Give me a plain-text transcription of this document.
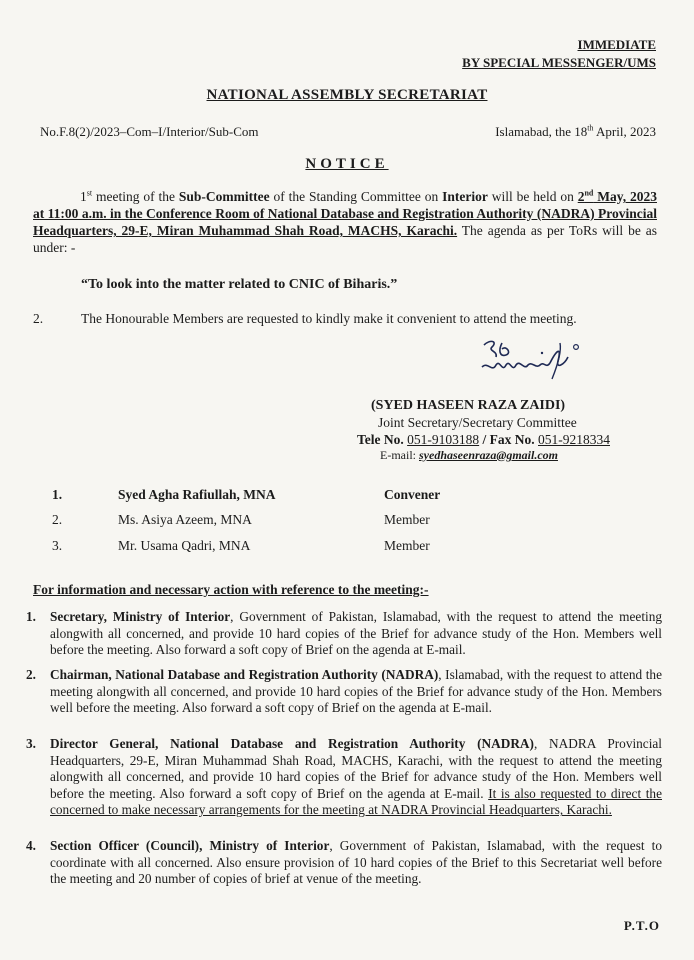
IMMEDIATE
BY SPECIAL MESSENGER/UMS
NATIONAL ASSEMBLY SECRETARIAT
No.F.8(2)/2023–Com–I/Interior/Sub-Com	Islamabad, the 18th April, 2023
NOTICE
1st meeting of the Sub-Committee of the Standing Committee on Interior will be held on 2nd May, 2023 at 11:00 a.m. in the Conference Room of National Database and Registration Authority (NADRA) Provincial Headquarters, 29-E, Miran Muhammad Shah Road, MACHS, Karachi. The agenda as per ToRs will be as under: -
“To look into the matter related to CNIC of Biharis.”
2.	The Honourable Members are requested to kindly make it convenient to attend the meeting.
(SYED HASEEN RAZA ZAIDI)
Joint Secretary/Secretary Committee
Tele No. 051-9103188 / Fax No. 051-9218334
E-mail: syedhaseenraza@gmail.com
1.	Syed Agha Rafiullah, MNA	Convener
2.	Ms. Asiya Azeem, MNA	Member
3.	Mr. Usama Qadri, MNA	Member
For information and necessary action with reference to the meeting:-
1. Secretary, Ministry of Interior, Government of Pakistan, Islamabad, with the request to attend the meeting alongwith all concerned, and provide 10 hard copies of the Brief for advance study of the Hon. Members well before the meeting. Also forward a soft copy of Brief on the agenda at E-mail.
2. Chairman, National Database and Registration Authority (NADRA), Islamabad, with the request to attend the meeting alongwith all concerned, and provide 10 hard copies of the Brief for advance study of the Hon. Members well before the meeting. Also forward a soft copy of Brief on the agenda at E-mail.
3. Director General, National Database and Registration Authority (NADRA), NADRA Provincial Headquarters, 29-E, Miran Muhammad Shah Road, MACHS, Karachi, with the request to attend the meeting alongwith all concerned, and provide 10 hard copies of the Brief for advance study of the Hon. Members well before the meeting. Also forward a soft copy of Brief on the agenda at E-mail. It is also requested to direct the concerned to make necessary arrangements for the meeting at NADRA Provincial Headquarters, Karachi.
4. Section Officer (Council), Ministry of Interior, Government of Pakistan, Islamabad, with the request to coordinate with all concerned. Also ensure provision of 10 hard copies of the Brief to this Secretariat well before the meeting and 20 number of copies of brief at venue of the meeting.
P.T.O
